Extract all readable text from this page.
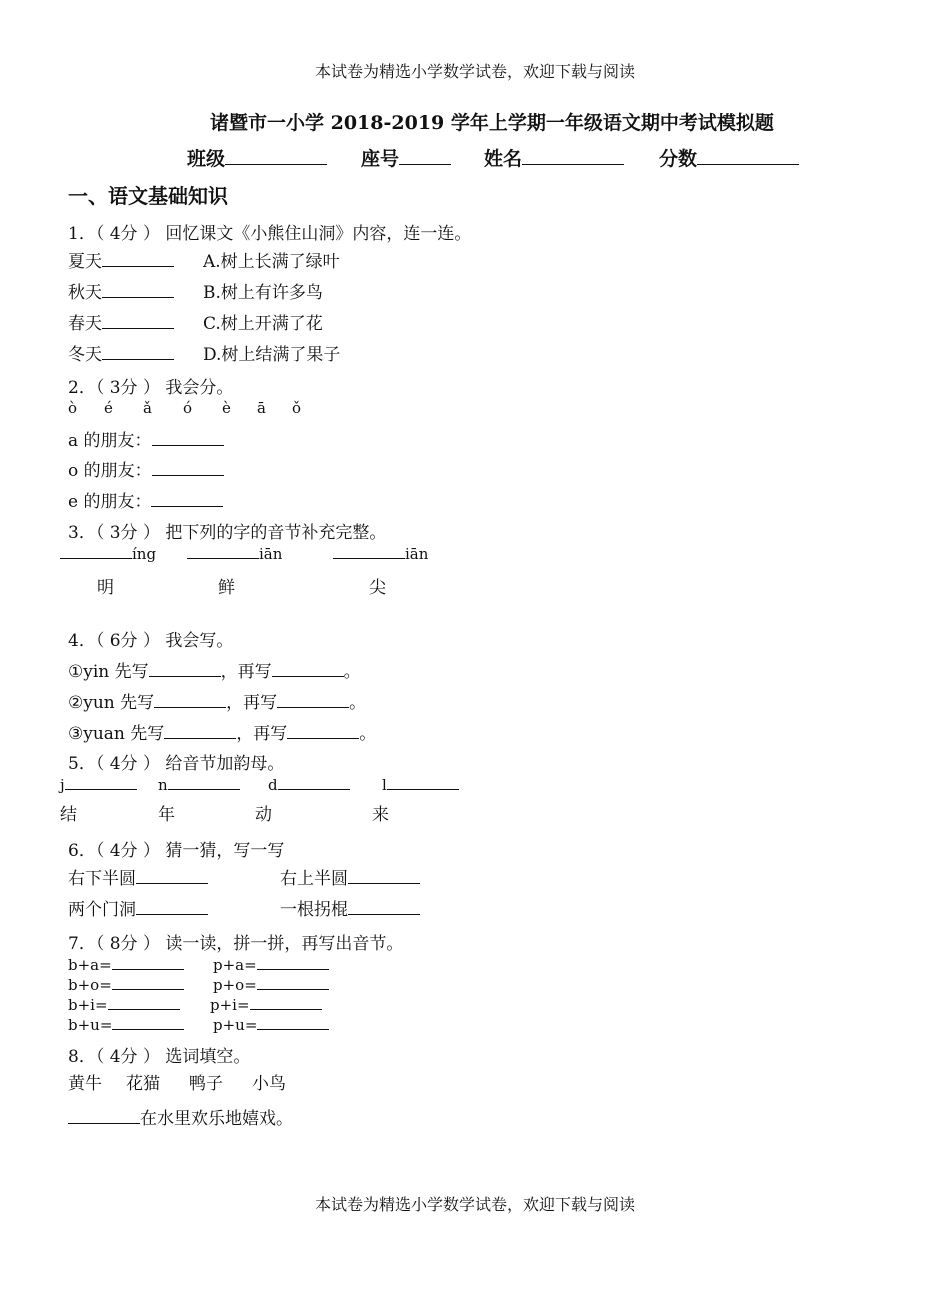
本试卷为精选小学数学试卷，欢迎下载与阅读
本试卷为精选小学数学试卷，欢迎下载与阅读
诸暨市一小学 2018-2019 学年上学期一年级语文期中考试模拟题
班级	座号	姓名	分数
一、语文基础知识
1．（ 4分 ） 回忆课文《小熊住山洞》内容，连一连。
夏天	A.树上长满了绿叶
秋天	B.树上有许多鸟
春天	C.树上开满了花
冬天	D.树上结满了果子
2．（ 3分 ） 我会分。
ò é ǎ ó è ā ǒ
a 的朋友：
o 的朋友：
e 的朋友：
3．（ 3分 ） 把下列的字的音节补充完整。
íng	iān	iān
明	鲜	尖
4．（ 6分 ） 我会写。
①yin 先写	，再写	。
②yun 先写	，再写	。
③yuan 先写	，再写	。
5．（ 4分 ） 给音节加韵母。
j	n	d	l
结	年	动	来
6．（ 4分 ） 猜一猜，写一写
右下半圆	右上半圆
两个门洞	一根拐棍
7．（ 8分 ） 读一读，拼一拼，再写出音节。
b+a=	p+a=
b+o=	p+o=
b+i=	p+i=
b+u=	p+u=
8．（ 4分 ） 选词填空。
黄牛 花猫 鸭子 小鸟
在水里欢乐地嬉戏。
